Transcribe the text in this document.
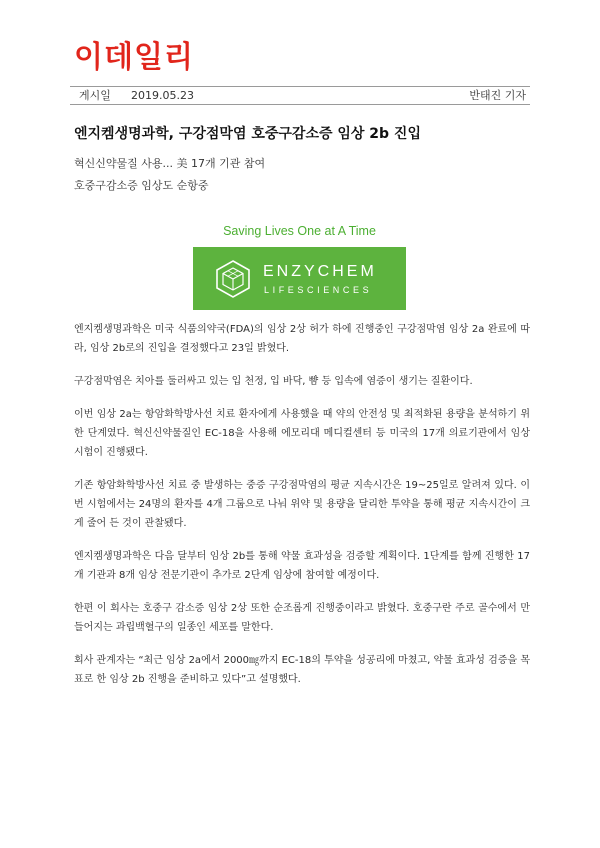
이데일리
게시일 2019.05.23	반태진 기자
엔지켐생명과학, 구강점막염 호중구감소증 임상 2b 진입
혁신신약물질 사용... 美 17개 기관 참여
호중구감소증 임상도 순항중
Saving Lives One at A Time
ENZYCHEM
LIFESCIENCES

엔지켐생명과학은 미국 식품의약국(FDA)의 임상 2상 허가 하에 진행중인 구강점막염 임상 2a 완료에 따라, 임상 2b로의 진입을 결정했다고 23일 밝혔다.

구강점막염은 치아를 둘러싸고 있는 입 천정, 입 바닥, 뺨 등 입속에 염증이 생기는 질환이다.

이번 임상 2a는 항암화학방사선 치료 환자에게 사용했을 때 약의 안전성 및 최적화된 용량을 분석하기 위한 단계였다. 혁신신약물질인 EC-18을 사용해 에모리대 메디컬센터 등 미국의 17개 의료기관에서 임상시험이 진행됐다.

기존 항암화학방사선 치료 중 발생하는 중증 구강점막염의 평균 지속시간은 19~25일로 알려져 있다. 이번 시험에서는 24명의 환자를 4개 그룹으로 나눠 위약 및 용량을 달리한 투약을 통해 평균 지속시간이 크게 줄어 든 것이 관찰됐다.

엔지켐생명과학은 다음 달부터 임상 2b를 통해 약물 효과성을 검증할 계획이다. 1단계를 함께 진행한 17개 기관과 8개 임상 전문기관이 추가로 2단계 임상에 참여할 예정이다.

한편 이 회사는 호중구 감소증 임상 2상 또한 순조롭게 진행중이라고 밝혔다. 호중구란 주로 골수에서 만들어지는 과립백혈구의 일종인 세포를 말한다.

회사 관계자는 “최근 임상 2a에서 2000㎎까지 EC-18의 투약을 성공리에 마쳤고, 약물 효과성 검증을 목표로 한 임상 2b 진행을 준비하고 있다”고 설명했다.
